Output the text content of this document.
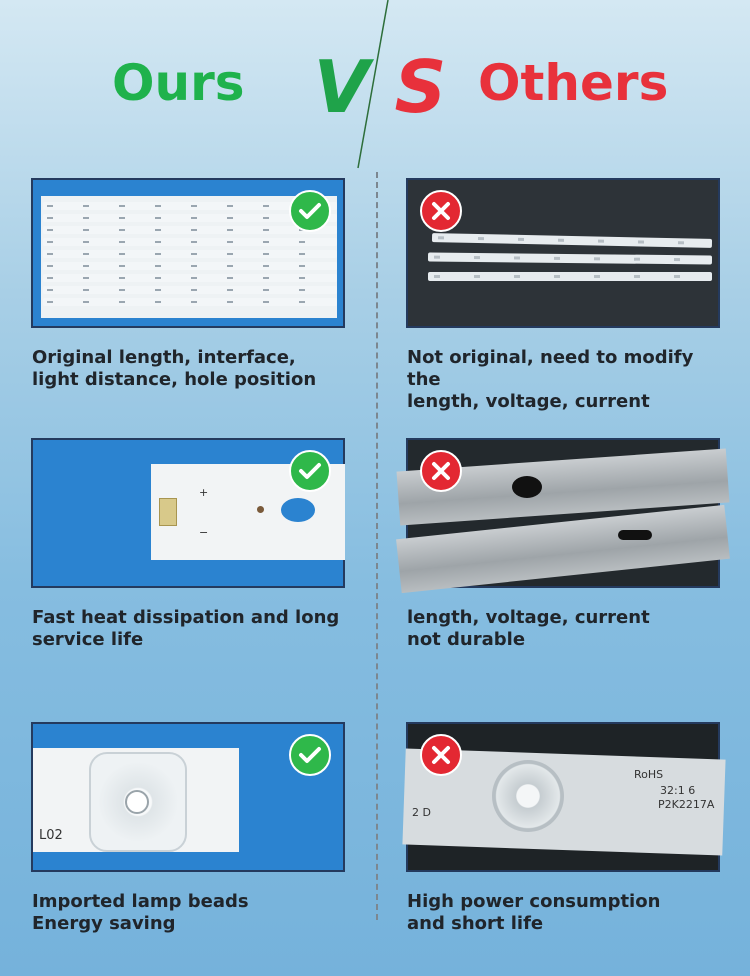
Ours V S Others
Original length, interface,
light distance, hole position
Not original, need to modify the
length, voltage, current
+
−
Fast heat dissipation and long
service life
length, voltage, current
not durable
L02
RoHS
32:1 6
P2K2217A
2 D
Imported lamp beads
Energy saving
High power consumption
and short life
